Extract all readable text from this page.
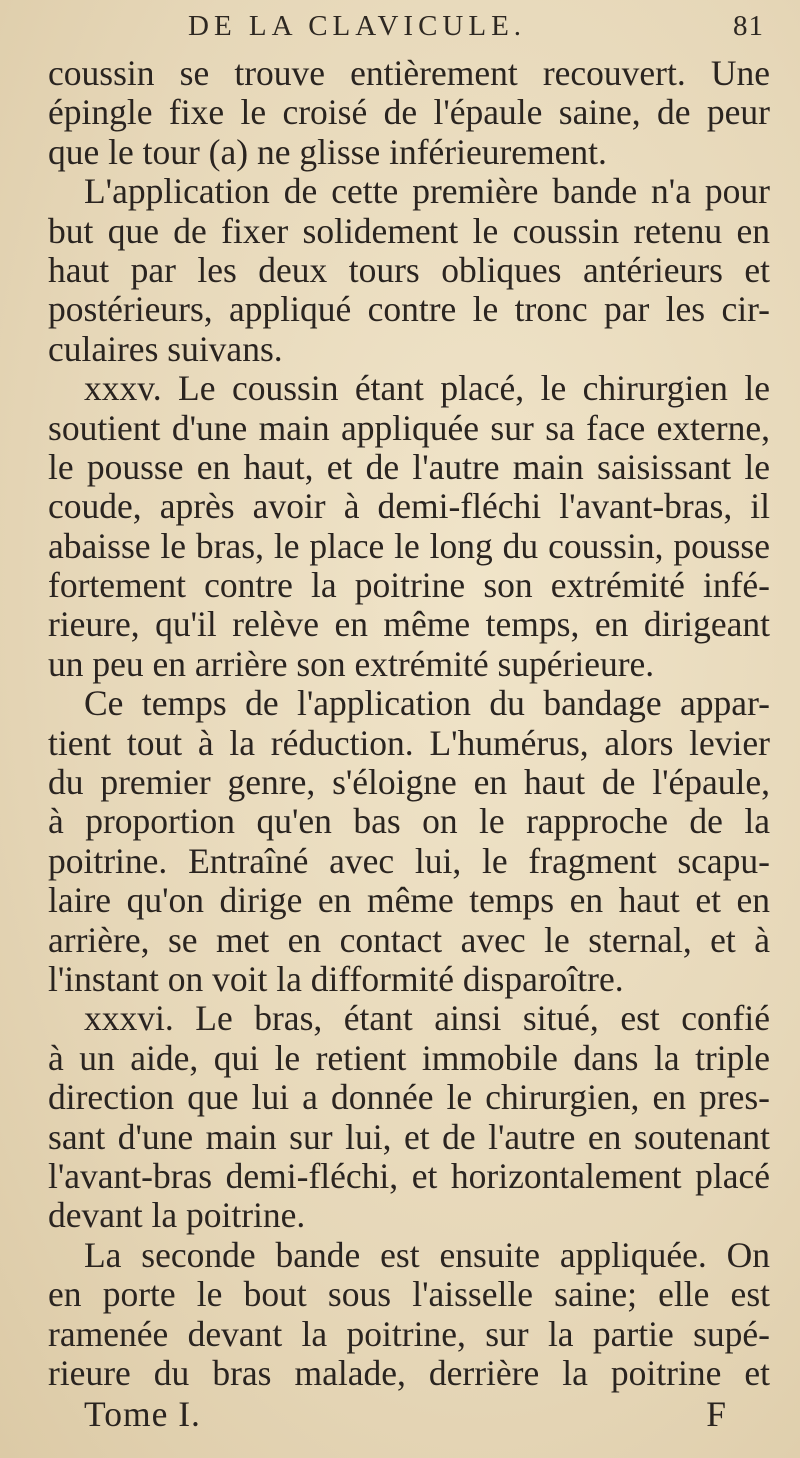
DE LA CLAVICULE.	81
coussin se trouve entièrement recouvert. Une
épingle fixe le croisé de l'épaule saine, de peur
que le tour (a) ne glisse inférieurement.
L'application de cette première bande n'a pour
but que de fixer solidement le coussin retenu en
haut par les deux tours obliques antérieurs et
postérieurs, appliqué contre le tronc par les cir-
culaires suivans.
xxxv. Le coussin étant placé, le chirurgien le
soutient d'une main appliquée sur sa face externe,
le pousse en haut, et de l'autre main saisissant le
coude, après avoir à demi-fléchi l'avant-bras, il
abaisse le bras, le place le long du coussin, pousse
fortement contre la poitrine son extrémité infé-
rieure, qu'il relève en même temps, en dirigeant
un peu en arrière son extrémité supérieure.
Ce temps de l'application du bandage appar-
tient tout à la réduction. L'humérus, alors levier
du premier genre, s'éloigne en haut de l'épaule,
à proportion qu'en bas on le rapproche de la
poitrine. Entraîné avec lui, le fragment scapu-
laire qu'on dirige en même temps en haut et en
arrière, se met en contact avec le sternal, et à
l'instant on voit la difformité disparoître.
xxxvi. Le bras, étant ainsi situé, est confié
à un aide, qui le retient immobile dans la triple
direction que lui a donnée le chirurgien, en pres-
sant d'une main sur lui, et de l'autre en soutenant
l'avant-bras demi-fléchi, et horizontalement placé
devant la poitrine.
La seconde bande est ensuite appliquée. On
en porte le bout sous l'aisselle saine; elle est
ramenée devant la poitrine, sur la partie supé-
rieure du bras malade, derrière la poitrine et
Tome I.	F
